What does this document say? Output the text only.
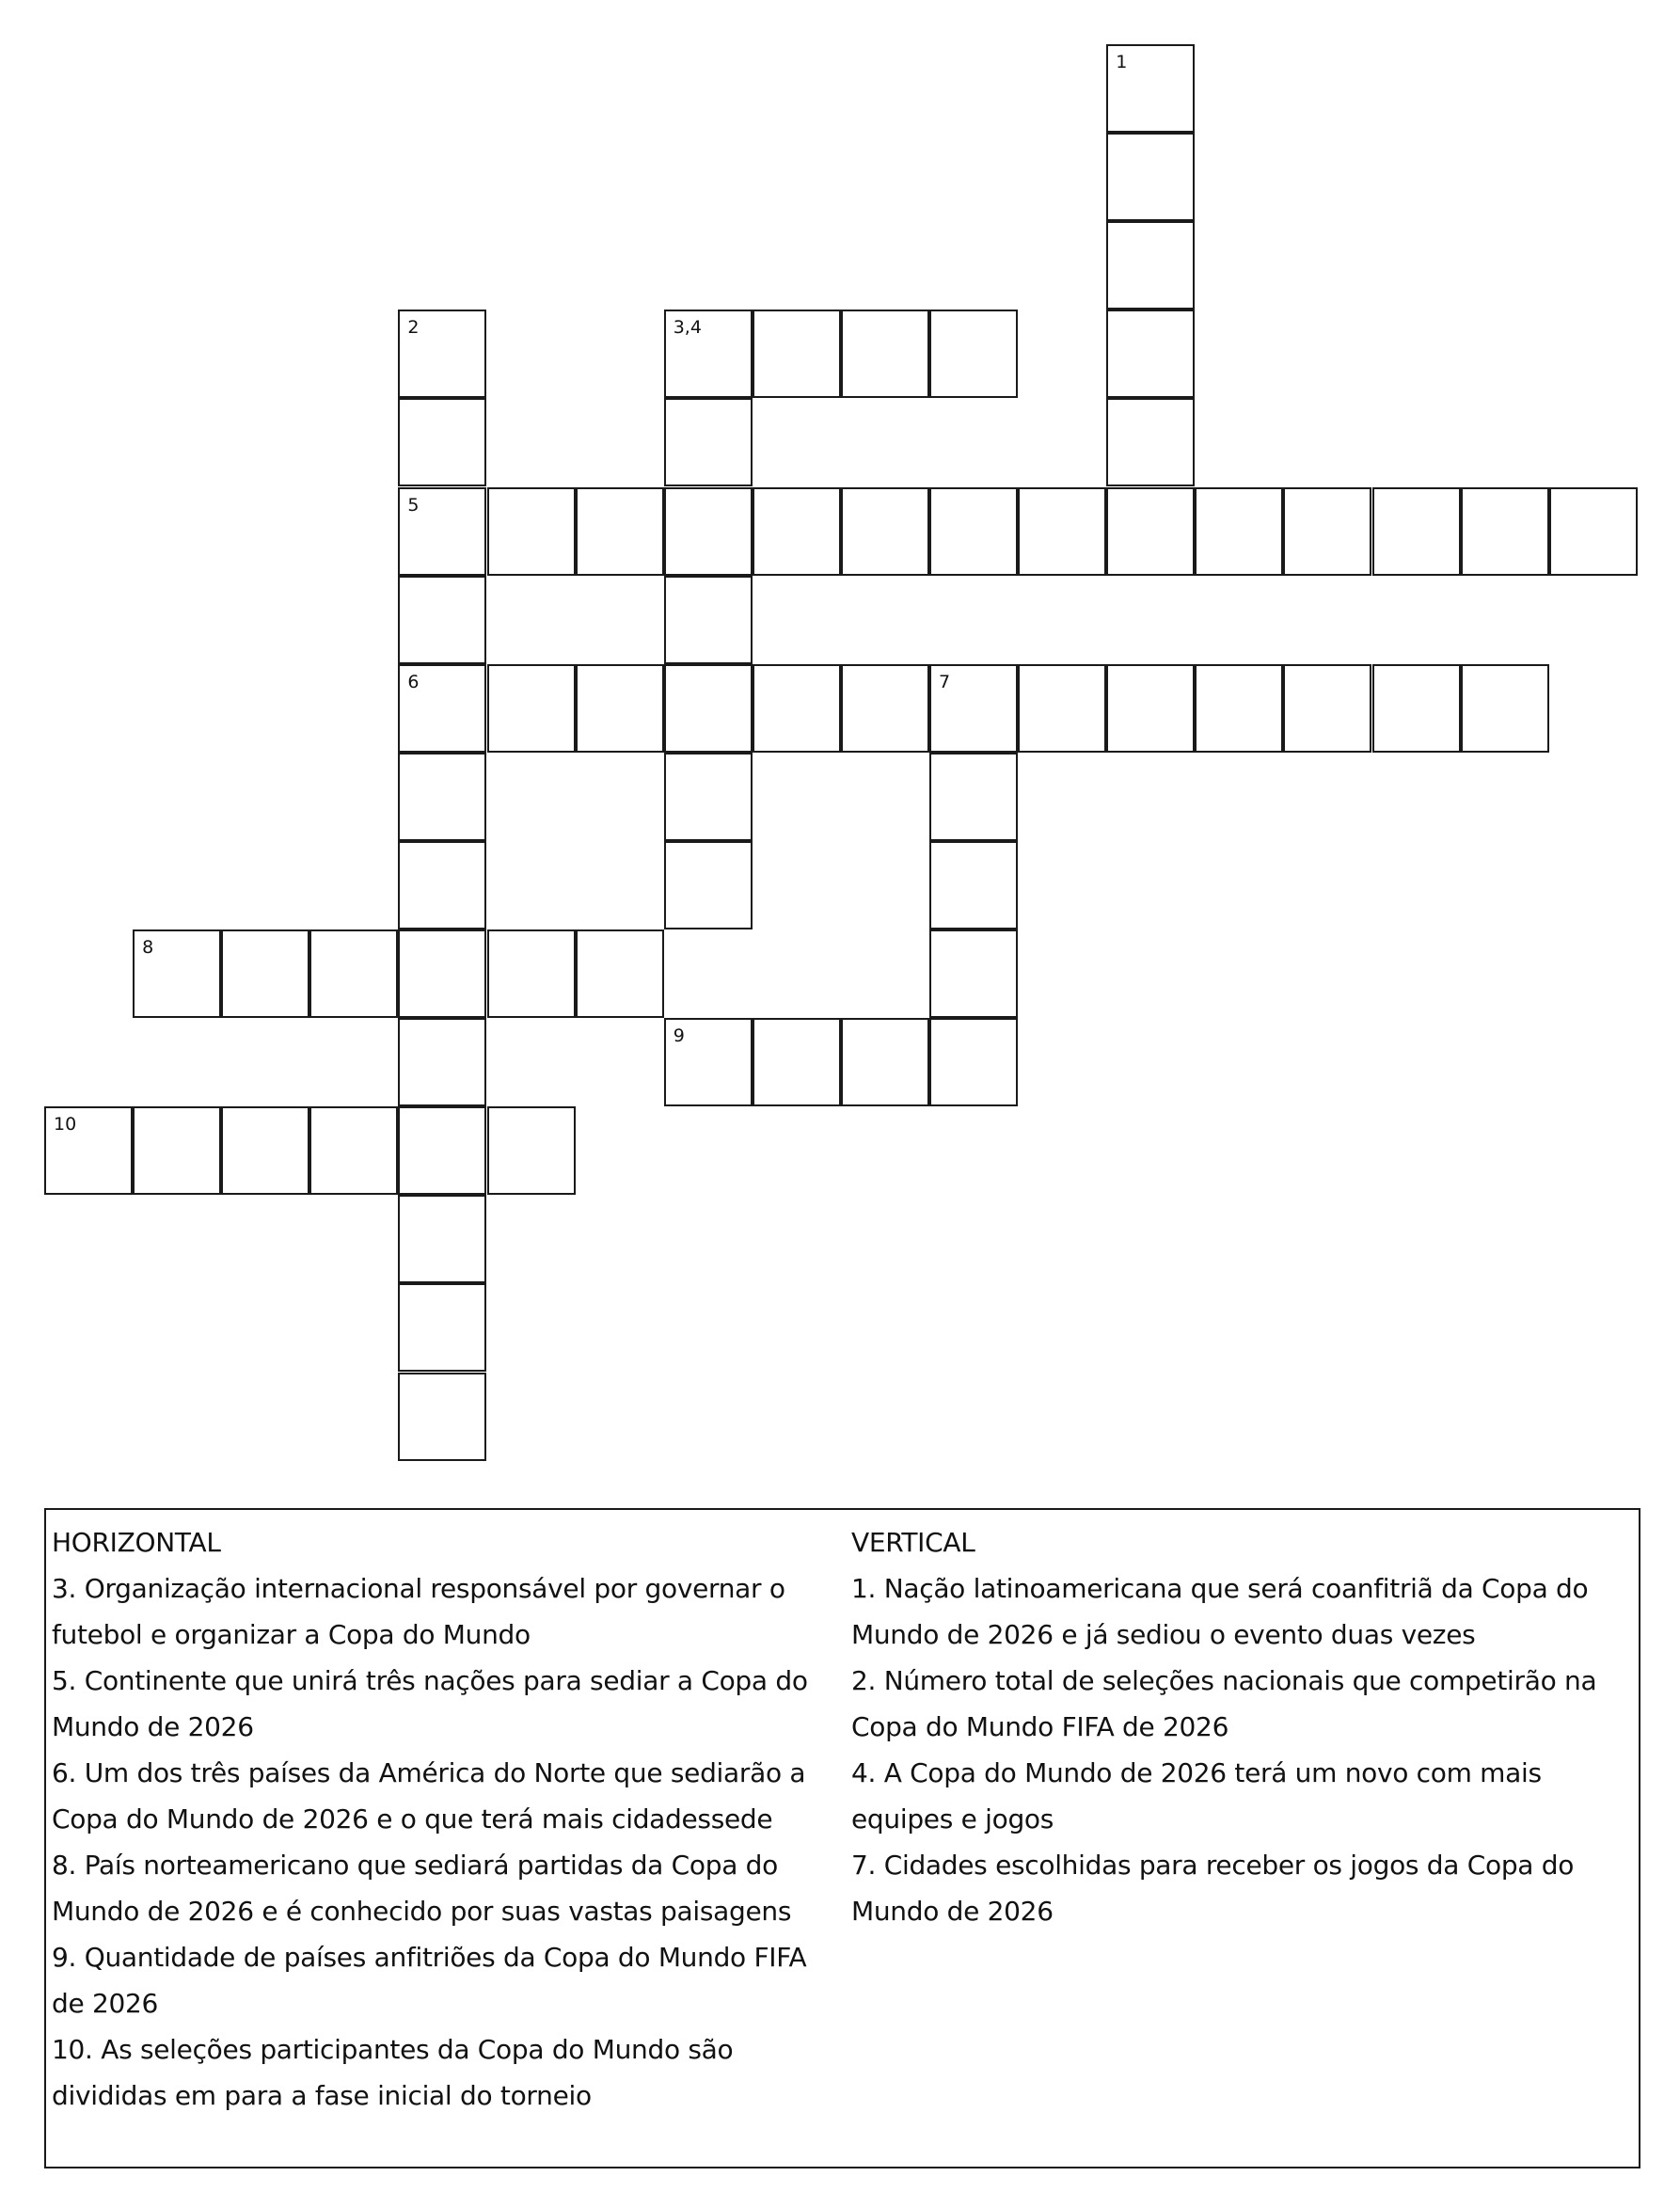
1
2
5
6
3,4
7
8
9
10
HORIZONTAL
3. Organização internacional responsável por governar o futebol e organizar a Copa do Mundo
5. Continente que unirá três nações para sediar a Copa do Mundo de 2026
6. Um dos três países da América do Norte que sediarão a Copa do Mundo de 2026 e o que terá mais cidadessede
8. País norteamericano que sediará partidas da Copa do Mundo de 2026 e é conhecido por suas vastas paisagens
9. Quantidade de países anfitriões da Copa do Mundo FIFA de 2026
10. As seleções participantes da Copa do Mundo são divididas em para a fase inicial do torneio
VERTICAL
1. Nação latinoamericana que será coanfitriã da Copa do Mundo de 2026 e já sediou o evento duas vezes
2. Número total de seleções nacionais que competirão na Copa do Mundo FIFA de 2026
4. A Copa do Mundo de 2026 terá um novo com mais equipes e jogos
7. Cidades escolhidas para receber os jogos da Copa do Mundo de 2026
